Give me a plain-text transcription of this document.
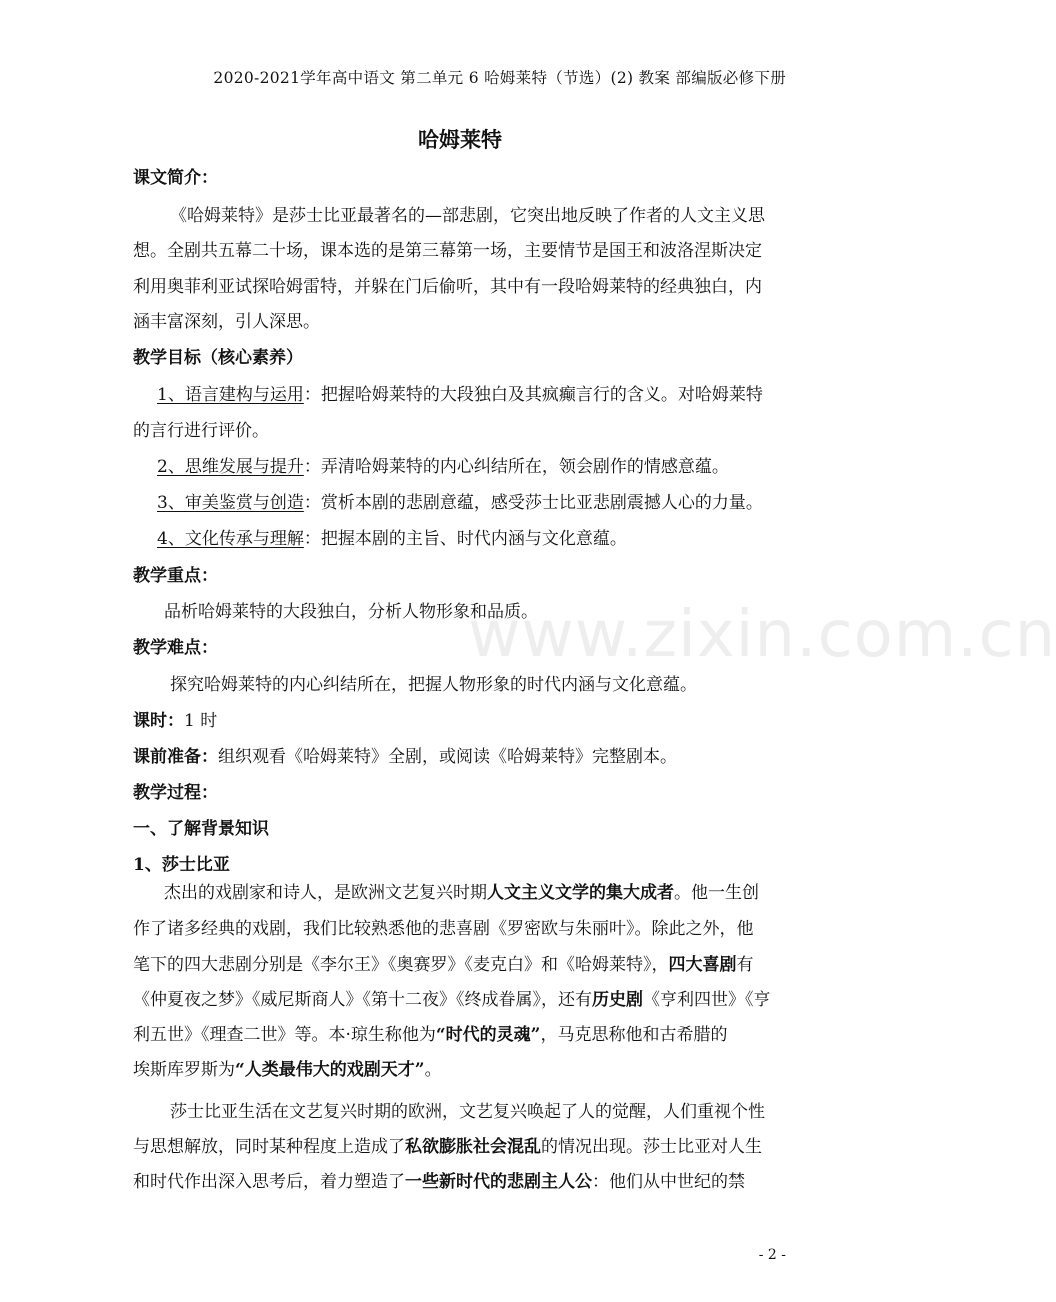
2020-2021学年高中语文 第二单元 6 哈姆莱特（节选）(2) 教案 部编版必修下册
哈姆莱特
课文简介：
《哈姆莱特》是莎士比亚最著名的—部悲剧，它突出地反映了作者的人文主义思
想。全剧共五幕二十场，课本选的是第三幕第一场，主要情节是国王和波洛涅斯决定
利用奥菲利亚试探哈姆雷特，并躲在门后偷听，其中有一段哈姆莱特的经典独白，内
涵丰富深刻，引人深思。
教学目标（核心素养）
1、语言建构与运用：把握哈姆莱特的大段独白及其疯癫言行的含义。对哈姆莱特
的言行进行评价。
2、思维发展与提升：弄清哈姆莱特的内心纠结所在，领会剧作的情感意蕴。
3、审美鉴赏与创造：赏析本剧的悲剧意蕴，感受莎士比亚悲剧震撼人心的力量。
4、文化传承与理解：把握本剧的主旨、时代内涵与文化意蕴。
教学重点：
品析哈姆莱特的大段独白，分析人物形象和品质。
教学难点：
探究哈姆莱特的内心纠结所在，把握人物形象的时代内涵与文化意蕴。
课时：1 时
课前准备：组织观看《哈姆莱特》全剧，或阅读《哈姆莱特》完整剧本。
教学过程：
一、了解背景知识
1、莎士比亚
杰出的戏剧家和诗人，是欧洲文艺复兴时期人文主义文学的集大成者。他一生创
作了诸多经典的戏剧，我们比较熟悉他的悲喜剧《罗密欧与朱丽叶》。除此之外，他
笔下的四大悲剧分别是《李尔王》《奥赛罗》《麦克白》和《哈姆莱特》，四大喜剧有
《仲夏夜之梦》《威尼斯商人》《第十二夜》《终成眷属》，还有历史剧《亨利四世》《亨
利五世》《理查二世》等。本·琼生称他为“时代的灵魂”，马克思称他和古希腊的
埃斯库罗斯为“人类最伟大的戏剧天才”。
莎士比亚生活在文艺复兴时期的欧洲，文艺复兴唤起了人的觉醒，人们重视个性
与思想解放，同时某种程度上造成了私欲膨胀社会混乱的情况出现。莎士比亚对人生
和时代作出深入思考后，着力塑造了一些新时代的悲剧主人公：他们从中世纪的禁
www.zixin.com.cn
- 2 -
